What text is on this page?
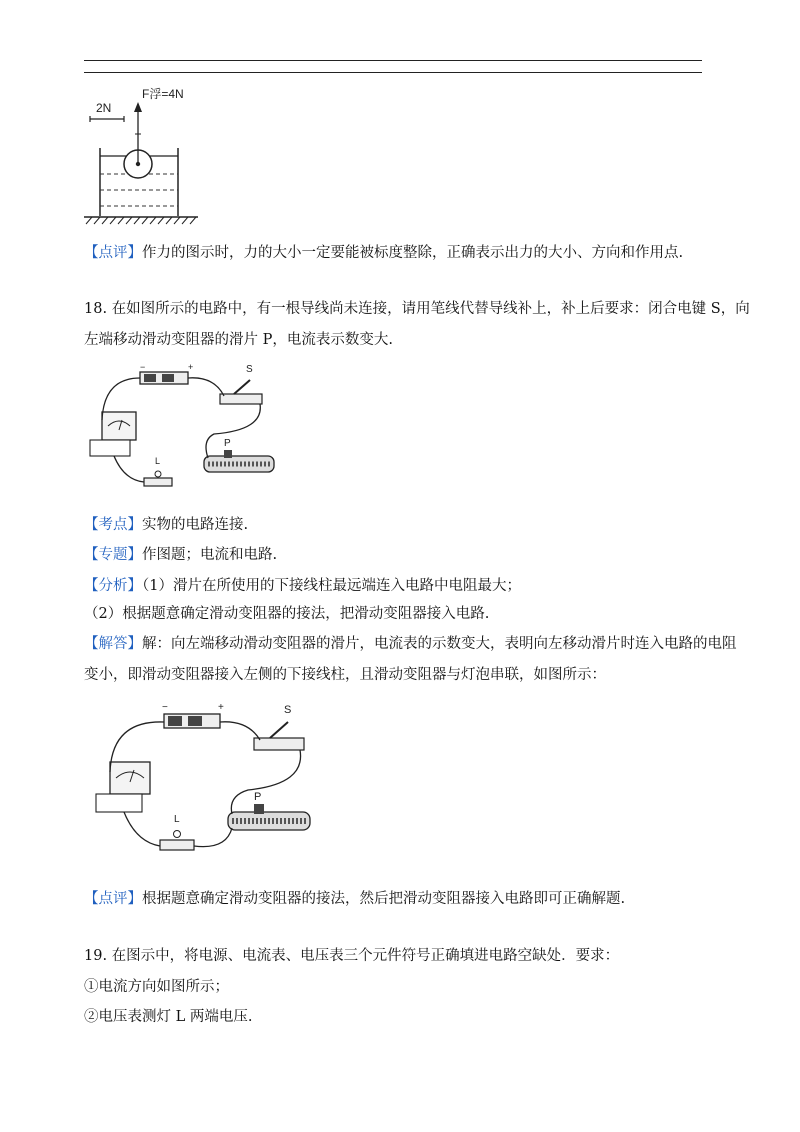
2N
F浮=4N
【点评】作力的图示时，力的大小一定要能被标度整除，正确表示出力的大小、方向和作用点.
18. 在如图所示的电路中，有一根导线尚未连接，请用笔线代替导线补上，补上后要求：闭合电键 S，向
左端移动滑动变阻器的滑片 P，电流表示数变大.
−	+	S
P
L
【考点】实物的电路连接.
【专题】作图题；电流和电路.
【分析】（1）滑片在所使用的下接线柱最远端连入电路中电阻最大；
（2）根据题意确定滑动变阻器的接法，把滑动变阻器接入电路.
【解答】解：向左端移动滑动变阻器的滑片，电流表的示数变大，表明向左移动滑片时连入电路的电阻
变小，即滑动变阻器接入左侧的下接线柱，且滑动变阻器与灯泡串联，如图所示：
−	+	S
P
L
【点评】根据题意确定滑动变阻器的接法，然后把滑动变阻器接入电路即可正确解题.
19. 在图示中，将电源、电流表、电压表三个元件符号正确填进电路空缺处．要求：
①电流方向如图所示；
②电压表测灯 L 两端电压.
